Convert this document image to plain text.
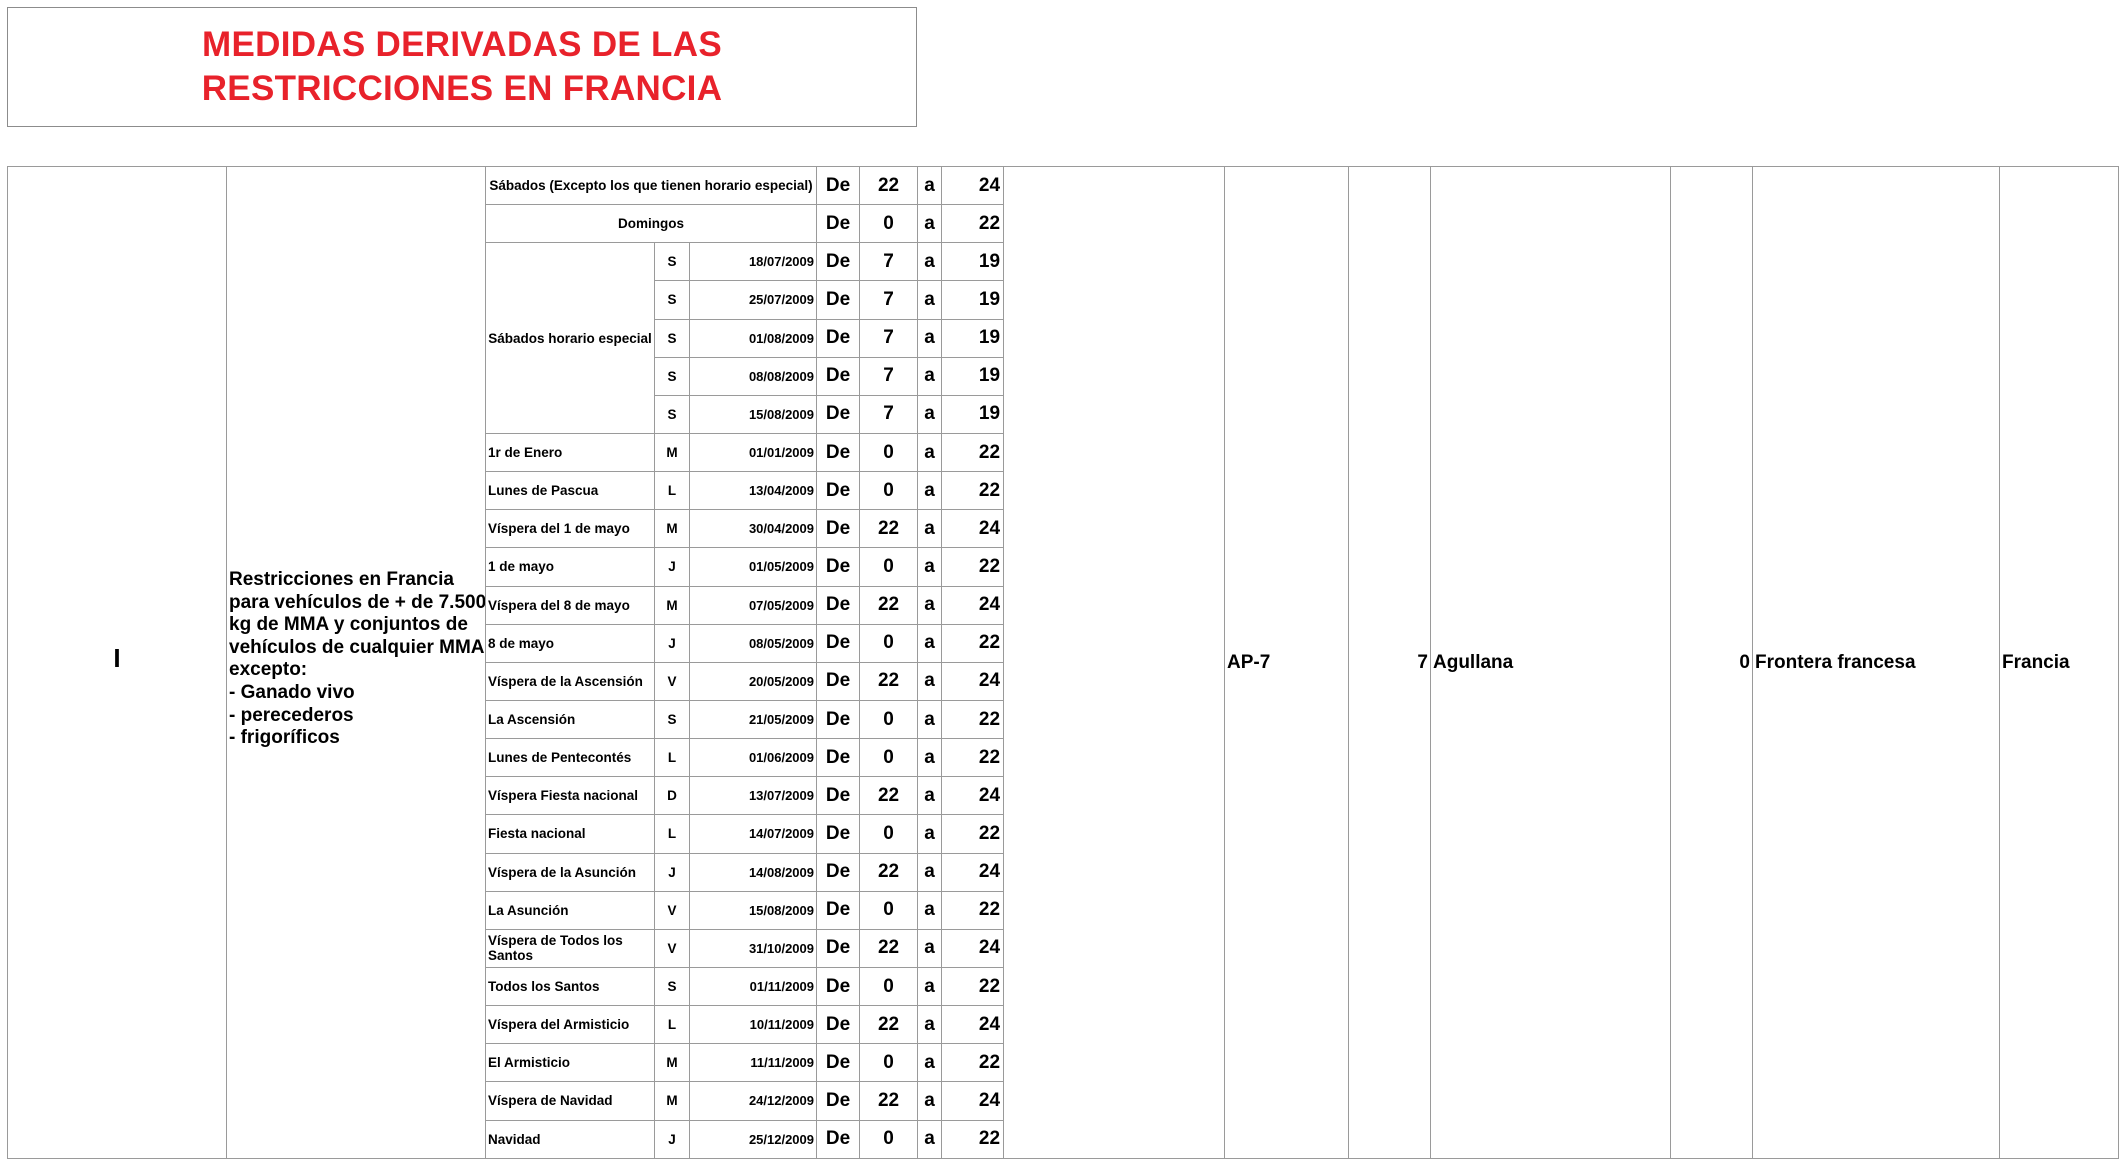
MEDIDAS DERIVADAS DE LAS
RESTRICCIONES EN FRANCIA
I
Restricciones en Francia
para vehículos de + de 7.500
kg de MMA y conjuntos de
vehículos de cualquier MMA
excepto:
- Ganado vivo
- perecederos
- frigoríficos
AP-7	7 Agullana	0 Frontera francesa	Francia
Sábados (Excepto los que tienen horario especial)			De	22	a	24
Domingos			De	0	a	22
Sábados horario especial	S	18/07/2009	De	7	a	19
	S	25/07/2009	De	7	a	19
	S	01/08/2009	De	7	a	19
	S	08/08/2009	De	7	a	19
	S	15/08/2009	De	7	a	19
1r de Enero	M	01/01/2009	De	0	a	22
Lunes de Pascua	L	13/04/2009	De	0	a	22
Víspera del 1 de mayo	M	30/04/2009	De	22	a	24
1 de mayo	J	01/05/2009	De	0	a	22
Víspera del 8 de mayo	M	07/05/2009	De	22	a	24
8 de mayo	J	08/05/2009	De	0	a	22
Víspera de la Ascensión	V	20/05/2009	De	22	a	24
La Ascensión	S	21/05/2009	De	0	a	22
Lunes de Pentecontés	L	01/06/2009	De	0	a	22
Víspera Fiesta nacional	D	13/07/2009	De	22	a	24
Fiesta nacional	L	14/07/2009	De	0	a	22
Víspera de la Asunción	J	14/08/2009	De	22	a	24
La Asunción	V	15/08/2009	De	0	a	22
Víspera de Todos los Santos	V	31/10/2009	De	22	a	24
Todos los Santos	S	01/11/2009	De	0	a	22
Víspera del Armisticio	L	10/11/2009	De	22	a	24
El Armisticio	M	11/11/2009	De	0	a	22
Víspera de Navidad	M	24/12/2009	De	22	a	24
Navidad	J	25/12/2009	De	0	a	22
